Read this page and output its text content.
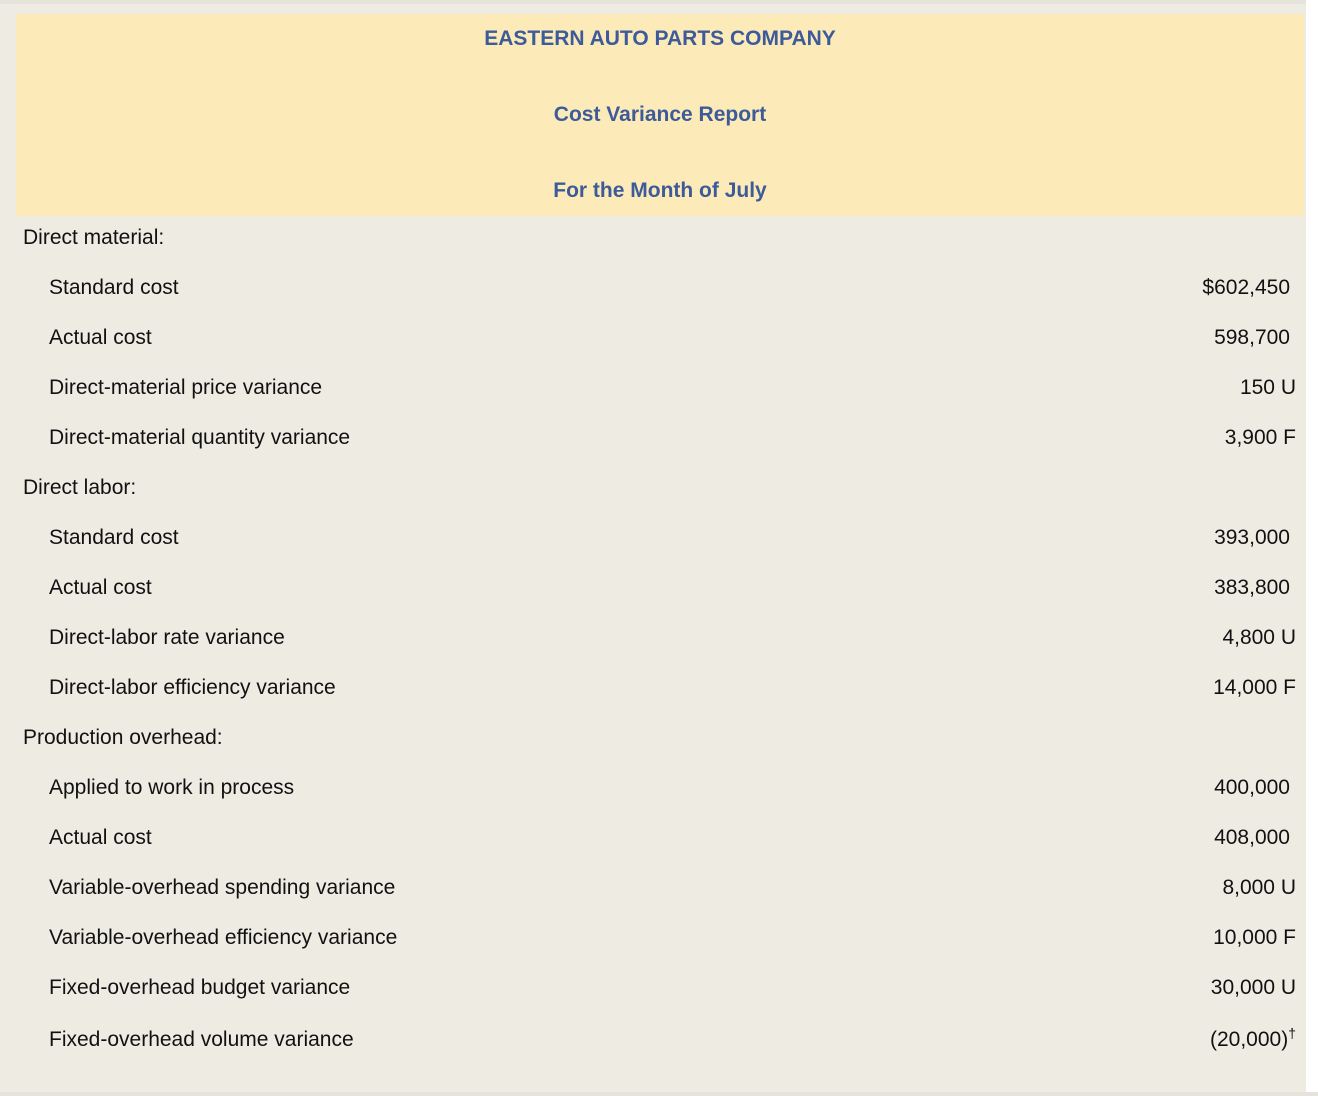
EASTERN AUTO PARTS COMPANY
Cost Variance Report
For the Month of July
Direct material:
Standard cost	$602,450
Actual cost	598,700
Direct-material price variance	150 U
Direct-material quantity variance	3,900 F
Direct labor:
Standard cost	393,000
Actual cost	383,800
Direct-labor rate variance	4,800 U
Direct-labor efficiency variance	14,000 F
Production overhead:
Applied to work in process	400,000
Actual cost	408,000
Variable-overhead spending variance	8,000 U
Variable-overhead efficiency variance	10,000 F
Fixed-overhead budget variance	30,000 U
Fixed-overhead volume variance	(20,000)†
